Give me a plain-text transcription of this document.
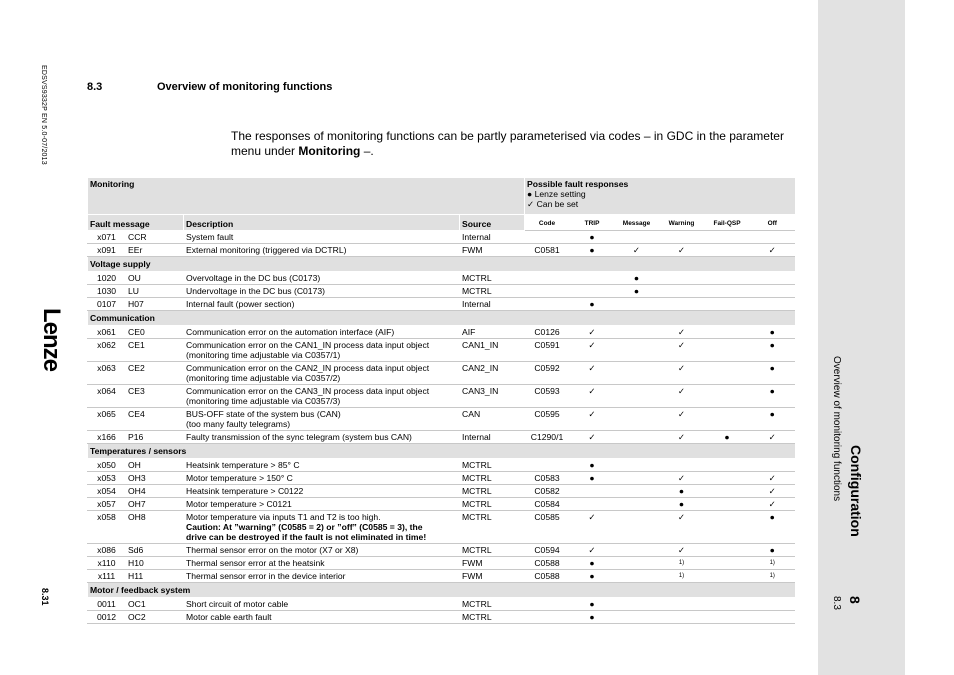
EDSVS9332P EN 5.0-07/2013
Lenze
8.31
Configuration
Overview of monitoring functions
8
8.3
8.3	Overview of monitoring functions
The responses of monitoring functions can be partly parameterised via codes – in GDC in the parameter menu under Monitoring –.
Monitoring				Possible fault responses
● Lenze setting
✓ Can be set					

Fault message		Description	Source	Code	TRIP	Message	Warning	Fail-QSP	Off
x071	CCR	System fault	Internal		●				
x091	EEr	External monitoring (triggered via DCTRL)	FWM	C0581	●	✓	✓		✓
Voltage supply									
1020	OU	Overvoltage in the DC bus (C0173)	MCTRL			●			
1030	LU	Undervoltage in the DC bus (C0173)	MCTRL			●			
0107	H07	Internal fault (power section)	Internal		●				
Communication									
x061	CE0	Communication error on the automation interface (AIF)	AIF	C0126	✓		✓		●
x062	CE1	Communication error on the CAN1_IN process data input object
(monitoring time adjustable via C0357/1)	CAN1_IN	C0591	✓		✓		●
x063	CE2	Communication error on the CAN2_IN process data input object
(monitoring time adjustable via C0357/2)	CAN2_IN	C0592	✓		✓		●
x064	CE3	Communication error on the CAN3_IN process data input object
(monitoring time adjustable via C0357/3)	CAN3_IN	C0593	✓		✓		●
x065	CE4	BUS-OFF state of the system bus (CAN)
(too many faulty telegrams)	CAN	C0595	✓		✓		●
x166	P16	Faulty transmission of the sync telegram (system bus CAN)	Internal	C1290/1	✓		✓	●	✓
Temperatures / sensors									
x050	OH	Heatsink temperature > 85° C	MCTRL		●				
x053	OH3	Motor temperature > 150° C	MCTRL	C0583	●		✓		✓
x054	OH4	Heatsink temperature > C0122	MCTRL	C0582			●		✓
x057	OH7	Motor temperature > C0121	MCTRL	C0584			●		✓
x058	OH8	Motor temperature via inputs T1 and T2 is too high.
Caution: At ”warning” (C0585 = 2) or ”off” (C0585 = 3), the
drive can be destroyed if the fault is not eliminated in time!	MCTRL	C0585	✓		✓		●
x086	Sd6	Thermal sensor error on the motor (X7 or X8)	MCTRL	C0594	✓		✓		●
x110	H10	Thermal sensor error at the heatsink	FWM	C0588	●		1)		1)
x111	H11	Thermal sensor error in the device interior	FWM	C0588	●		1)		1)
Motor / feedback system									
0011	OC1	Short circuit of motor cable	MCTRL		●				
0012	OC2	Motor cable earth fault	MCTRL		●				
